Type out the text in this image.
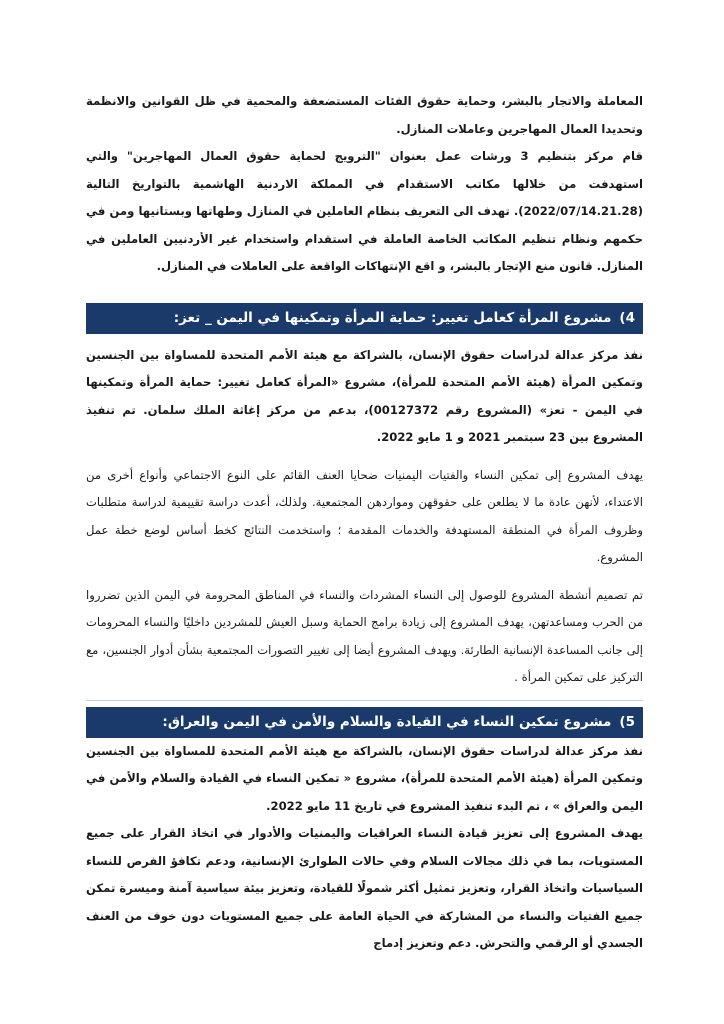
المعاملة والاتجار بالبشر، وحماية حقوق الفئات المستضعفة والمحمية في ظل القوانين والانظمة وتحديدا العمال المهاجرين وعاملات المنازل.

قام مركز بتنظيم 3 ورشات عمل بعنوان "الترويج لحماية حقوق العمال المهاجرين" والتي استهدفت من خلالها مكاتب الاستقدام في المملكة الاردنية الهاشمية بالتواريخ التالية (2022/07/14.21.28). تهدف الى التعريف بنظام العاملين في المنازل وطهاتها وبستانيها ومن في حكمهم ونظام تنظيم المكاتب الخاصة العاملة في استقدام واستخدام غير الأردنيين العاملين في المنازل. قانون منع الإتجار بالبشر، و اقع الإنتهاكات الواقعة على العاملات في المنازل.

4)مشروع المرأة كعامل تغيير: حماية المرأة وتمكينها في اليمن _ تعز:

نفذ مركز عدالة لدراسات حقوق الإنسان، بالشراكة مع هيئة الأمم المتحدة للمساواة بين الجنسين وتمكين المرأة (هيئة الأمم المتحدة للمرأة)، مشروع «المرأة كعامل تغيير: حماية المرأة وتمكينها في اليمن - تعز» (المشروع رقم 00127372)، بدعم من مركز إغاثة الملك سلمان. تم تنفيذ المشروع بين 23 سبتمبر 2021 و 1 مايو 2022.

يهدف المشروع إلى تمكين النساء والفتيات اليمنيات ضحايا العنف القائم على النوع الاجتماعي وأنواع أخرى من الاعتداء، لأنهن عادة ما لا يطلعن على حقوقهن ومواردهن المجتمعية. ولذلك، أعدت دراسة تقييمية لدراسة متطلبات وظروف المرأة في المنطقة المستهدفة والخدمات المقدمة ؛ واستخدمت النتائج كخط أساس لوضع خطة عمل المشروع.

تم تصميم أنشطة المشروع للوصول إلى النساء المشردات والنساء في المناطق المحرومة في اليمن الذين تضرروا من الحرب ومساعدتهن، يهدف المشروع إلى زيادة برامج الحماية وسبل العيش للمشردين داخليًا والنساء المحرومات إلى جانب المساعدة الإنسانية الطارئة. ويهدف المشروع أيضا إلى تغيير التصورات المجتمعية بشأن أدوار الجنسين، مع التركيز على تمكين المرأة .

5)مشروع تمكين النساء في القيادة والسلام والأمن في اليمن والعراق:

نفذ مركز عدالة لدراسات حقوق الإنسان، بالشراكة مع هيئة الأمم المتحدة للمساواة بين الجنسين وتمكين المرأة (هيئة الأمم المتحدة للمرأة)، مشروع « تمكين النساء في القيادة والسلام والأمن في اليمن والعراق » ، تم البدء تنفيذ المشروع في تاريخ 11 مايو 2022.

يهدف المشروع إلى تعزيز قيادة النساء العراقيات واليمنيات والأدوار في اتخاذ القرار على جميع المستويات، بما في ذلك مجالات السلام وفي حالات الطوارئ الإنسانية، ودعم تكافؤ الفرص للنساء السياسيات واتخاذ القرار، وتعزيز تمثيل أكثر شمولًا للقيادة، وتعزيز بيئة سياسية آمنة وميسرة تمكن جميع الفتيات والنساء من المشاركة في الحياة العامة على جميع المستويات دون خوف من العنف الجسدي أو الرقمي والتحرش. دعم وتعزيز إدماج
